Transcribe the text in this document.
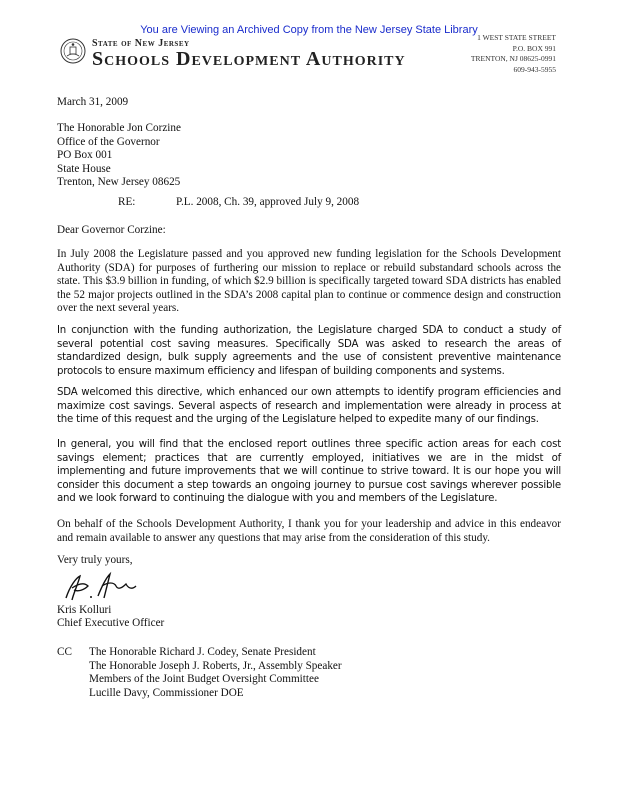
You are Viewing an Archived Copy from the New Jersey State Library
State of New Jersey
Schools Development Authority
1 WEST STATE STREET
P.O. BOX 991
TRENTON, NJ 08625-0991
609-943-5955
March 31, 2009
The Honorable Jon Corzine
Office of the Governor
PO Box 001
State House
Trenton, New Jersey 08625
RE:	P.L. 2008, Ch. 39, approved July 9, 2008
Dear Governor Corzine:
In July 2008 the Legislature passed and you approved new funding legislation for the Schools Development Authority (SDA) for purposes of furthering our mission to replace or rebuild substandard schools across the state. This $3.9 billion in funding, of which $2.9 billion is specifically targeted toward SDA districts has enabled the 52 major projects outlined in the SDA’s 2008 capital plan to continue or commence design and construction over the next several years.
In conjunction with the funding authorization, the Legislature charged SDA to conduct a study of several potential cost saving measures. Specifically SDA was asked to research the areas of standardized design, bulk supply agreements and the use of consistent preventive maintenance protocols to ensure maximum efficiency and lifespan of building components and systems.
SDA welcomed this directive, which enhanced our own attempts to identify program efficiencies and maximize cost savings. Several aspects of research and implementation were already in process at the time of this request and the urging of the Legislature helped to expedite many of our findings.
In general, you will find that the enclosed report outlines three specific action areas for each cost savings element; practices that are currently employed, initiatives we are in the midst of implementing and future improvements that we will continue to strive toward. It is our hope you will consider this document a step towards an ongoing journey to pursue cost savings wherever possible and we look forward to continuing the dialogue with you and members of the Legislature.
On behalf of the Schools Development Authority, I thank you for your leadership and advice in this endeavor and remain available to answer any questions that may arise from the consideration of this study.
Very truly yours,
Kris Kolluri
Chief Executive Officer
CC	The Honorable Richard J. Codey, Senate President
The Honorable Joseph J. Roberts, Jr., Assembly Speaker
Members of the Joint Budget Oversight Committee
Lucille Davy, Commissioner DOE
